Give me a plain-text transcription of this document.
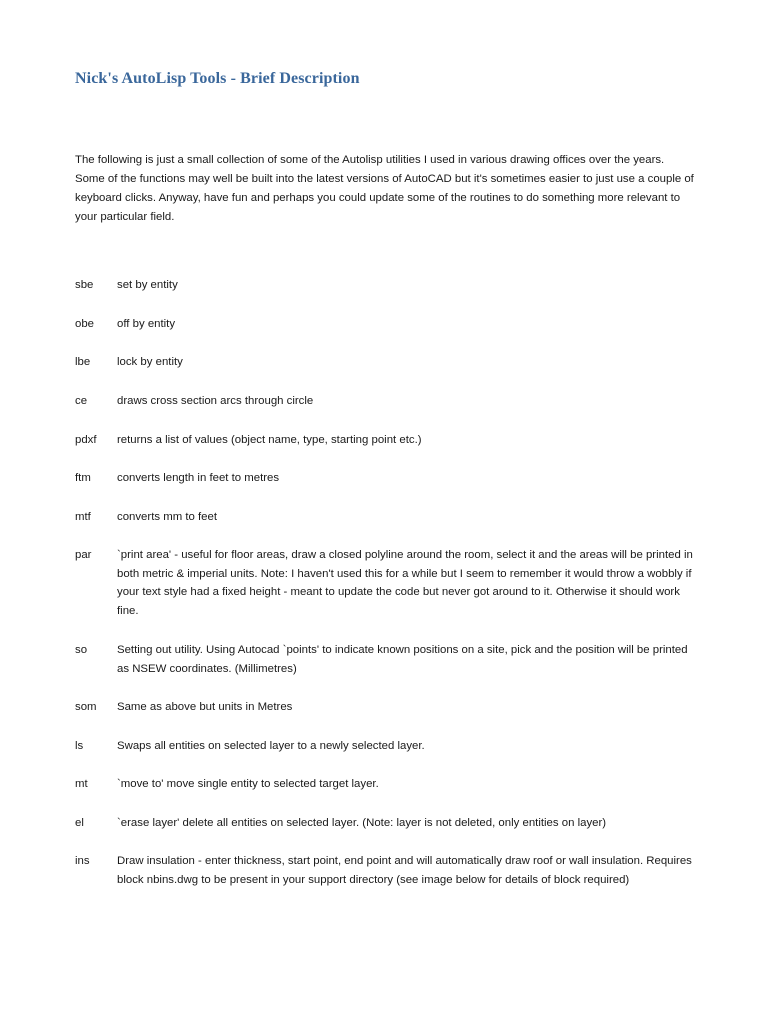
Nick's AutoLisp Tools - Brief Description

The following is just a small collection of some of the Autolisp utilities I used in various drawing offices over the years. Some of the functions may well be built into the latest versions of AutoCAD but it's sometimes easier to just use a couple of keyboard clicks. Anyway, have fun and perhaps you could update some of the routines to do something more relevant to your particular field.

sbe	set by entity
obe	off by entity
lbe	lock by entity
ce	draws cross section arcs through circle
pdxf	returns a list of values (object name, type, starting point etc.)
ftm	converts length in feet to metres
mtf	converts mm to feet
par	`print area' - useful for floor areas, draw a closed polyline around the room, select it and the areas will be printed in both metric & imperial units. Note: I haven't used this for a while but I seem to remember it would throw a wobbly if your text style had a fixed height - meant to update the code but never got around to it. Otherwise it should work fine.
so	Setting out utility. Using Autocad `points' to indicate known positions on a site, pick and the position will be printed as NSEW coordinates. (Millimetres)
som	Same as above but units in Metres
ls	Swaps all entities on selected layer to a newly selected layer.
mt	`move to' move single entity to selected target layer.
el	`erase layer' delete all entities on selected layer. (Note: layer is not deleted, only entities on layer)
ins	Draw insulation - enter thickness, start point, end point and will automatically draw roof or wall insulation. Requires block nbins.dwg to be present in your support directory (see image below for details of block required)
